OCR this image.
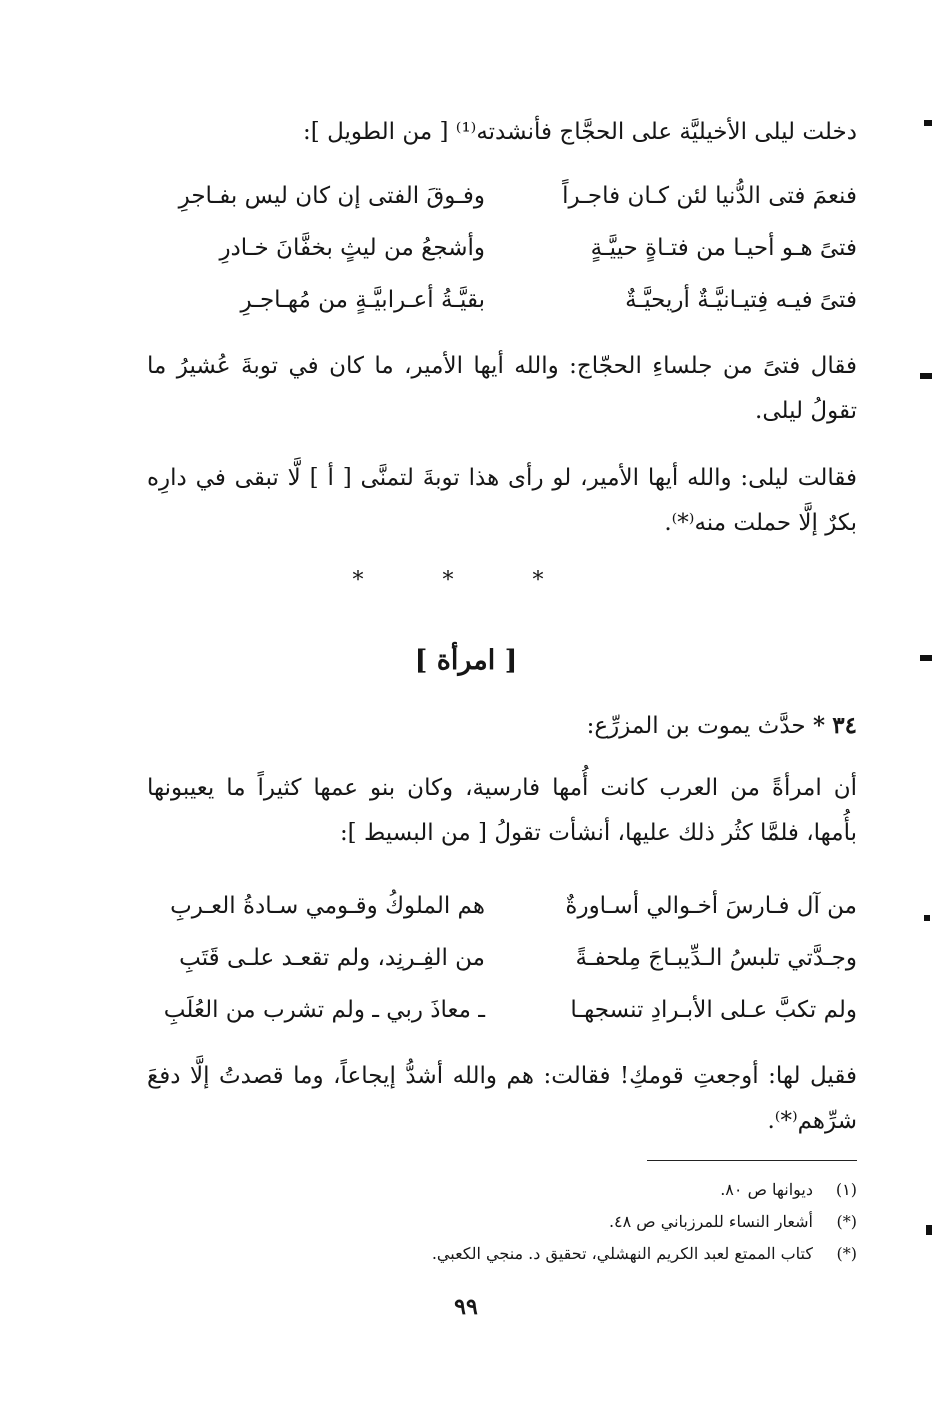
دخلت ليلى الأخيليَّة على الحجَّاج فأنشدته⁽¹⁾ [ من الطويل ]:
فنعمَ فتى الدُّنيا لئن كـان فاجـراً
وفـوقَ الفتى إن كان ليس بفـاجرِ
فتىً هـو أحيـا من فتـاةٍ حييَّـةٍ
وأشجعُ من ليثٍ بخفَّانَ خـادرِ
فتىً فيـه فِتيـانيَّـةٌ أريحيَّـةٌ
بقيَّـةُ أعـرابيَّـةٍ من مُهـاجـرِ
فقال فتىً من جلساءِ الحجّاج: والله أيها الأمير، ما كان في توبةَ عُشيرُ ما تقولُ ليلى.
فقالت ليلى: والله أيها الأمير، لو رأى هذا توبةَ لتمنَّى [ أ ] لَّا تبقى في دارِه بكرٌ إلَّا حملت منه⁽*⁾.
* * *
[ امرأة ]
٣٤ * حدَّث يموت بن المزرِّع:
أن امرأةً من العرب كانت أُمها فارسية، وكان بنو عمها كثيراً ما يعيبونها بأُمها، فلمَّا كثُر ذلك عليها، أنشأت تقولُ [ من البسيط ]:
من آل فـارسَ أخـوالي أسـاورةٌ
هم الملوكُ وقـومي سـادةُ العـربِ
وجـدَّتي تلبسُ الـدِّيبـاجَ مِلحفـةً
من الفِـرنِد، ولم تقعـد علـى قَتَبِ
ولم تكبَّ عـلى الأبـرادِ تنسجهـا
ـ معاذَ ربي ـ ولم تشرب من العُلَبِ
فقيل لها: أوجعتِ قومكِ! فقالت: هم والله أشدُّ إيجاعاً، وما قصدتُ إلَّا دفعَ شرِّهم⁽*⁾.
(١)ديوانها ص ٨٠.
(*)أشعار النساء للمرزباني ص ٤٨.
(*)كتاب الممتع لعبد الكريم النهشلي، تحقيق د. منجي الكعبي.
٩٩
